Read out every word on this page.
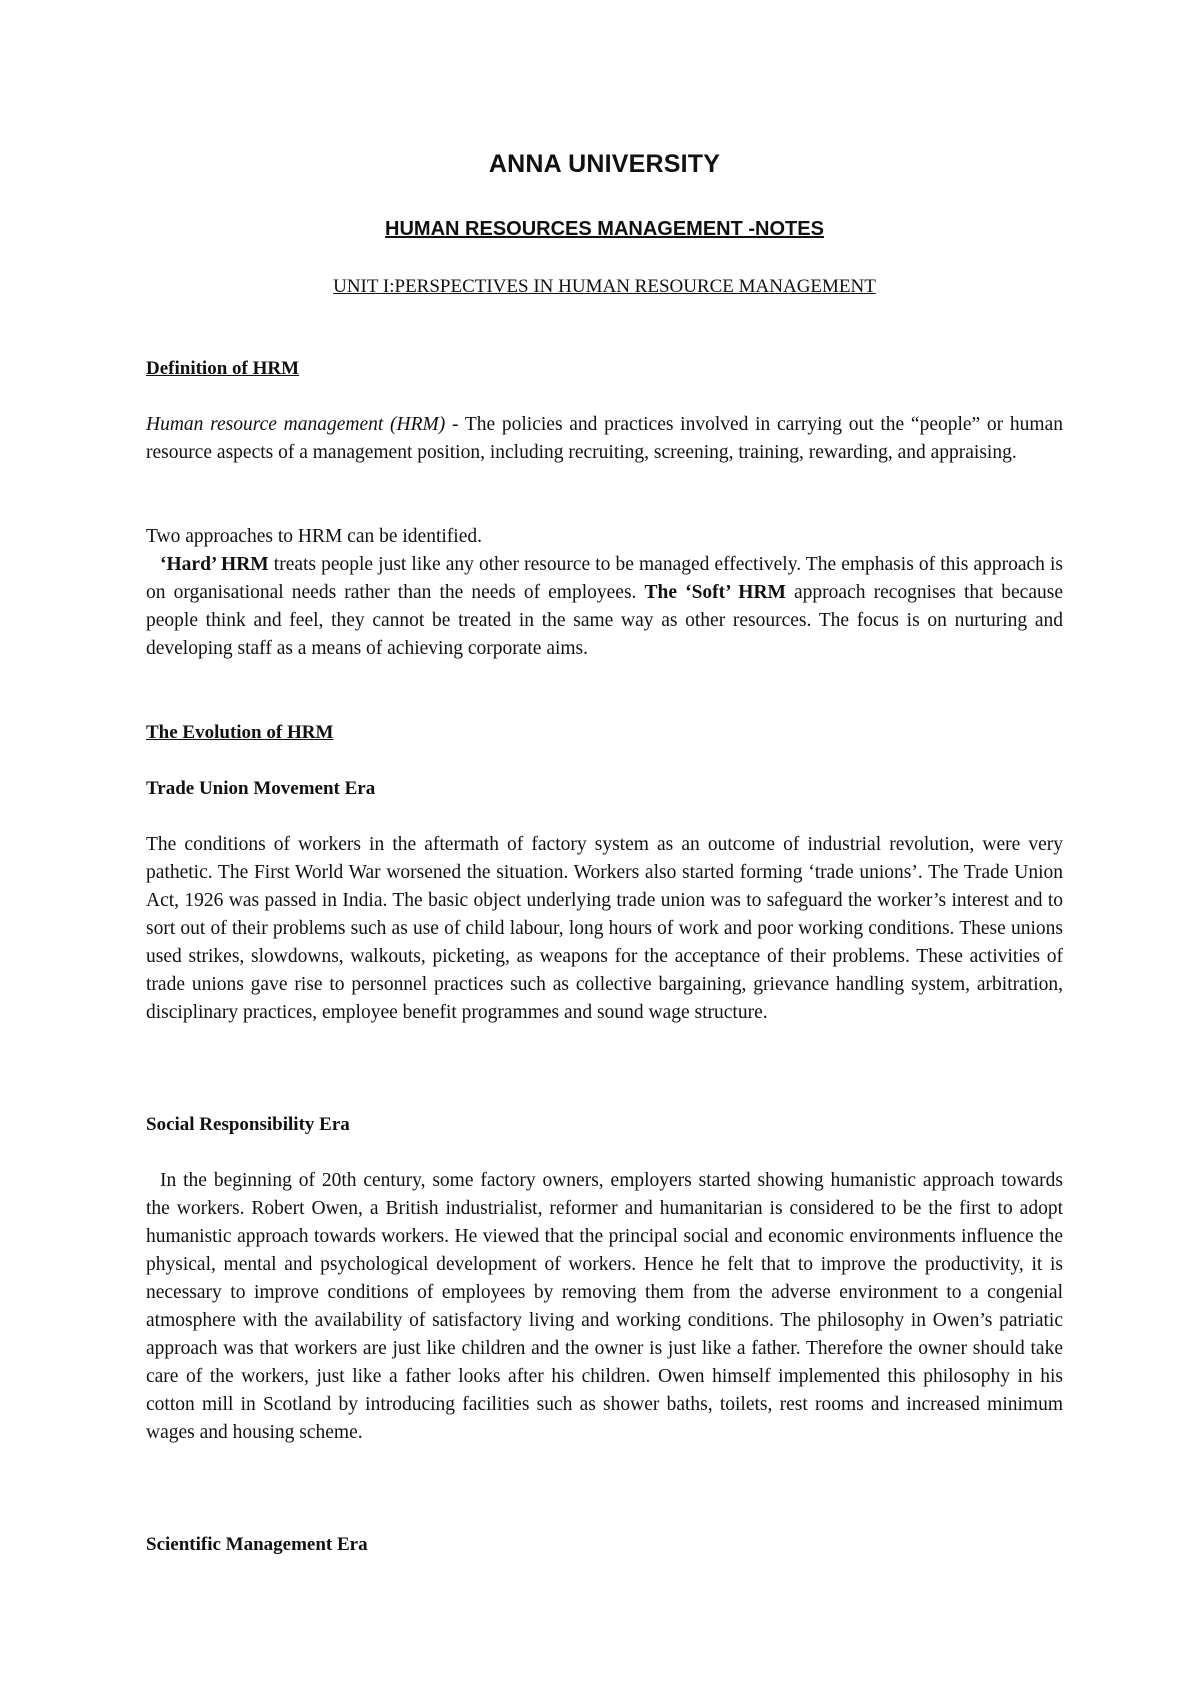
ANNA UNIVERSITY
HUMAN RESOURCES MANAGEMENT -NOTES
UNIT I:PERSPECTIVES IN HUMAN RESOURCE MANAGEMENT
Definition of HRM

Human resource management (HRM) - The policies and practices involved in carrying out the “people” or human resource aspects of a management position, including recruiting, screening, training, rewarding, and appraising.

Two approaches to HRM can be identified.

‘Hard’ HRM treats people just like any other resource to be managed effectively. The emphasis of this approach is on organisational needs rather than the needs of employees. The ‘Soft’ HRM approach recognises that because people think and feel, they cannot be treated in the same way as other resources. The focus is on nurturing and developing staff as a means of achieving corporate aims.

The Evolution of HRM
Trade Union Movement Era

The conditions of workers in the aftermath of factory system as an outcome of industrial revolution, were very pathetic. The First World War worsened the situation. Workers also started forming ‘trade unions’. The Trade Union Act, 1926 was passed in India. The basic object underlying trade union was to safeguard the worker’s interest and to sort out of their problems such as use of child labour, long hours of work and poor working conditions. These unions used strikes, slowdowns, walkouts, picketing, as weapons for the acceptance of their problems. These activities of trade unions gave rise to personnel practices such as collective bargaining, grievance handling system, arbitration, disciplinary practices, employee benefit programmes and sound wage structure.

Social Responsibility Era

In the beginning of 20th century, some factory owners, employers started showing humanistic approach towards the workers. Robert Owen, a British industrialist, reformer and humanitarian is considered to be the first to adopt humanistic approach towards workers. He viewed that the principal social and economic environments influence the physical, mental and psychological development of workers. Hence he felt that to improve the productivity, it is necessary to improve conditions of employees by removing them from the adverse environment to a congenial atmosphere with the availability of satisfactory living and working conditions. The philosophy in Owen’s patriatic approach was that workers are just like children and the owner is just like a father. Therefore the owner should take care of the workers, just like a father looks after his children. Owen himself implemented this philosophy in his cotton mill in Scotland by introducing facilities such as shower baths, toilets, rest rooms and increased minimum wages and housing scheme.

Scientific Management Era
